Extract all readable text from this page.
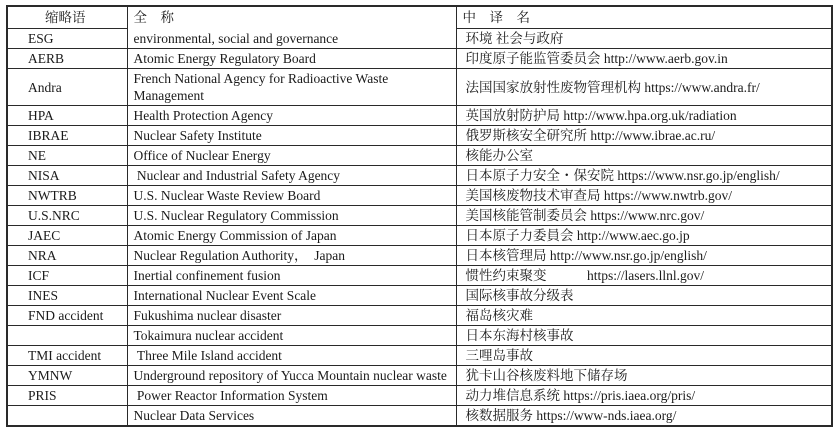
缩略语	全　称	中　译　名
ESG	environmental, social and governance	环境 社会与政府
AERB	Atomic Energy Regulatory Board	印度原子能监管委员会 http://www.aerb.gov.in
Andra	French National Agency for Radioactive Waste Management	法国国家放射性废物管理机构 https://www.andra.fr/
HPA	Health Protection Agency	英国放射防护局 http://www.hpa.org.uk/radiation
IBRAE	Nuclear Safety Institute	俄罗斯核安全研究所 http://www.ibrae.ac.ru/
NE	Office of Nuclear Energy	核能办公室
NISA	Nuclear and Industrial Safety Agency	日本原子力安全・保安院 https://www.nsr.go.jp/english/
NWTRB	U.S. Nuclear Waste Review Board	美国核废物技术审查局 https://www.nwtrb.gov/
U.S.NRC	U.S. Nuclear Regulatory Commission	美国核能管制委员会 https://www.nrc.gov/
JAEC	Atomic Energy Commission of Japan	日本原子力委員会 http://www.aec.go.jp
NRA	Nuclear Regulation Authority，　Japan	日本核管理局 http://www.nsr.go.jp/english/
ICF	Inertial confinement fusion	惯性约束聚变　　　https://lasers.llnl.gov/
INES	International Nuclear Event Scale	国际核事故分级表
FND accident	Fukushima nuclear disaster	福岛核灾难
	Tokaimura nuclear accident	日本东海村核事故
TMI accident	Three Mile Island accident	三哩岛事故
YMNW	Underground repository of Yucca Mountain nuclear waste	犹卡山谷核废料地下储存场
PRIS	Power Reactor Information System	动力堆信息系统 https://pris.iaea.org/pris/
	Nuclear Data Services	核数据服务 https://www-nds.iaea.org/
